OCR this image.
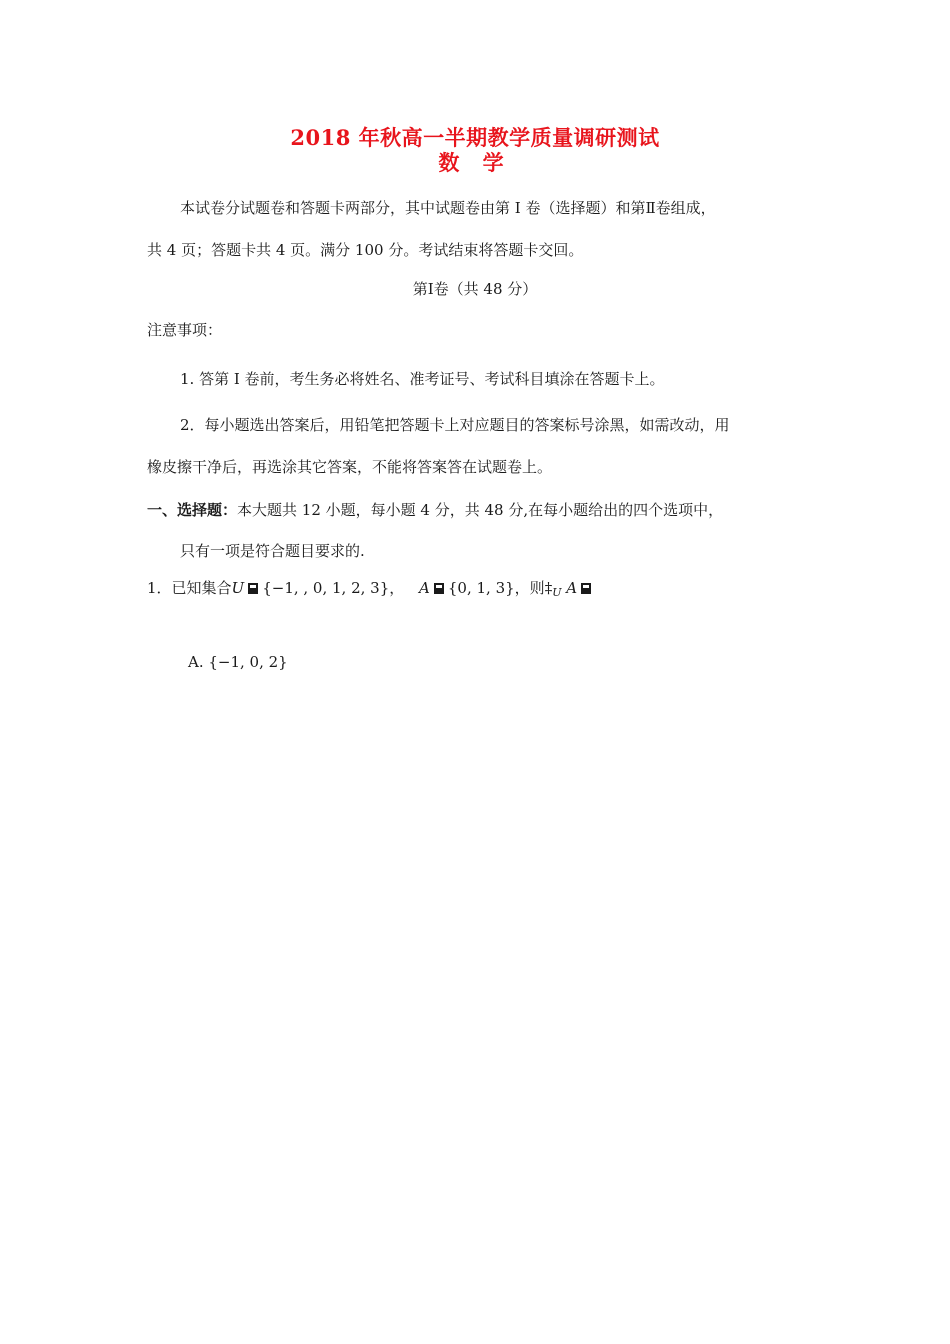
2018 年秋高一半期教学质量调研测试
数 学
本试卷分试题卷和答题卡两部分，其中试题卷由第 Ⅰ 卷（选择题）和第Ⅱ卷组成，
共 4 页；答题卡共 4 页。满分 100 分。考试结束将答题卡交回。
第Ⅰ卷（共 48 分）
注意事项：
1. 答第 Ⅰ 卷前，考生务必将姓名、准考证号、考试科目填涂在答题卡上。
2．每小题选出答案后，用铅笔把答题卡上对应题目的答案标号涂黑，如需改动，用
橡皮擦干净后，再选涂其它答案，不能将答案答在试题卷上。
一、选择题：本大题共 12 小题，每小题 4 分，共 48 分,在每小题给出的四个选项中，
只有一项是符合题目要求的.
1．已知集合U {−1, , 0, 1, 2, 3}， A {0, 1, 3}，则$\ddagger_U$ A
A. {−1, 0, 2}
